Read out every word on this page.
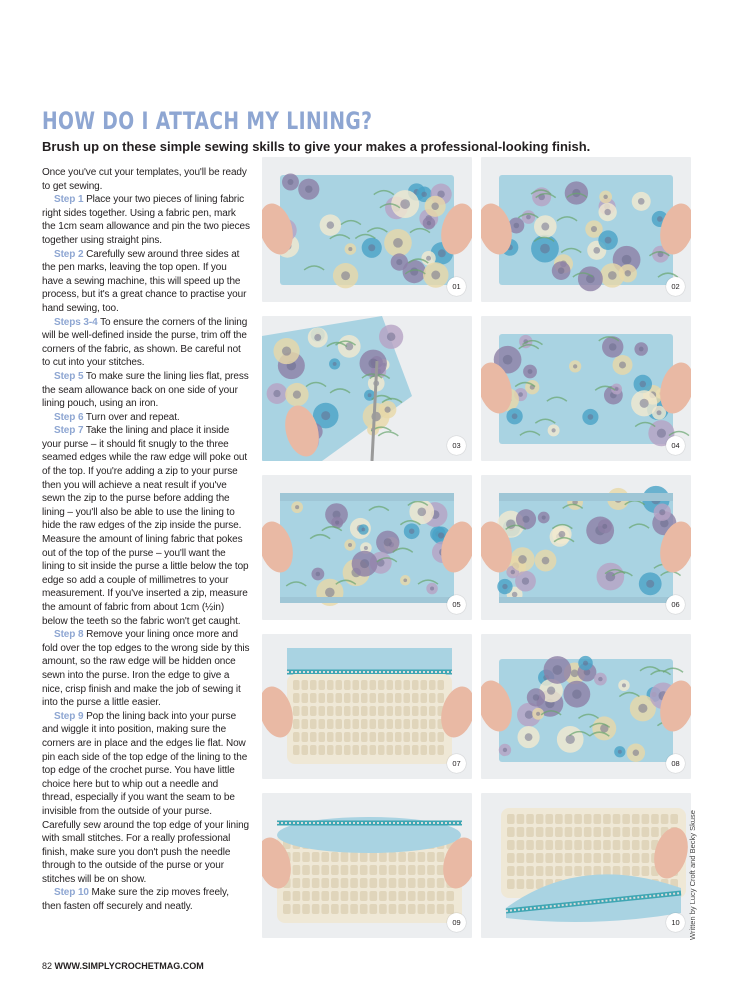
HOW DO I ATTACH MY LINING?

Brush up on these simple sewing skills to give your makes a professional-looking finish.

Once you've cut your templates, you'll be ready to get sewing.

Step 1 Place your two pieces of lining fabric right sides together. Using a fabric pen, mark the 1cm seam allowance and pin the two pieces together using straight pins.

Step 2 Carefully sew around three sides at the pen marks, leaving the top open. If you have a sewing machine, this will speed up the process, but it's a great chance to practise your hand sewing, too.

Steps 3-4 To ensure the corners of the lining will be well-defined inside the purse, trim off the corners of the fabric, as shown. Be careful not to cut into your stitches.

Step 5 To make sure the lining lies flat, press the seam allowance back on one side of your lining pouch, using an iron.

Step 6 Turn over and repeat.

Step 7 Take the lining and place it inside your purse – it should fit snugly to the three seamed edges while the raw edge will poke out of the top. If you're adding a zip to your purse then you will achieve a neat result if you've sewn the zip to the purse before adding the lining – you'll also be able to use the lining to hide the raw edges of the zip inside the purse. Measure the amount of lining fabric that pokes out of the top of the purse – you'll want the lining to sit inside the purse a little below the top edge so add a couple of millimetres to your measurement. If you've inserted a zip, measure the amount of fabric from about 1cm (½in) below the teeth so the fabric won't get caught.

Step 8 Remove your lining once more and fold over the top edges to the wrong side by this amount, so the raw edge will be hidden once sewn into the purse. Iron the edge to give a nice, crisp finish and make the job of sewing it into the purse a little easier.

Step 9 Pop the lining back into your purse and wiggle it into position, making sure the corners are in place and the edges lie flat. Now pin each side of the top edge of the lining to the top edge of the crochet purse. You have little choice here but to whip out a needle and thread, especially if you want the seam to be invisible from the outside of your purse. Carefully sew around the top edge of your lining with small stitches. For a really professional finish, make sure you don't push the needle through to the outside of the purse or your stitches will be on show.

Step 10 Make sure the zip moves freely, then fasten off securely and neatly.

01	02
03	04
05	06
07	08
09	10	Written by Lucy Croft and Becky Skuse
82 WWW.SIMPLYCROCHETMAG.COM
